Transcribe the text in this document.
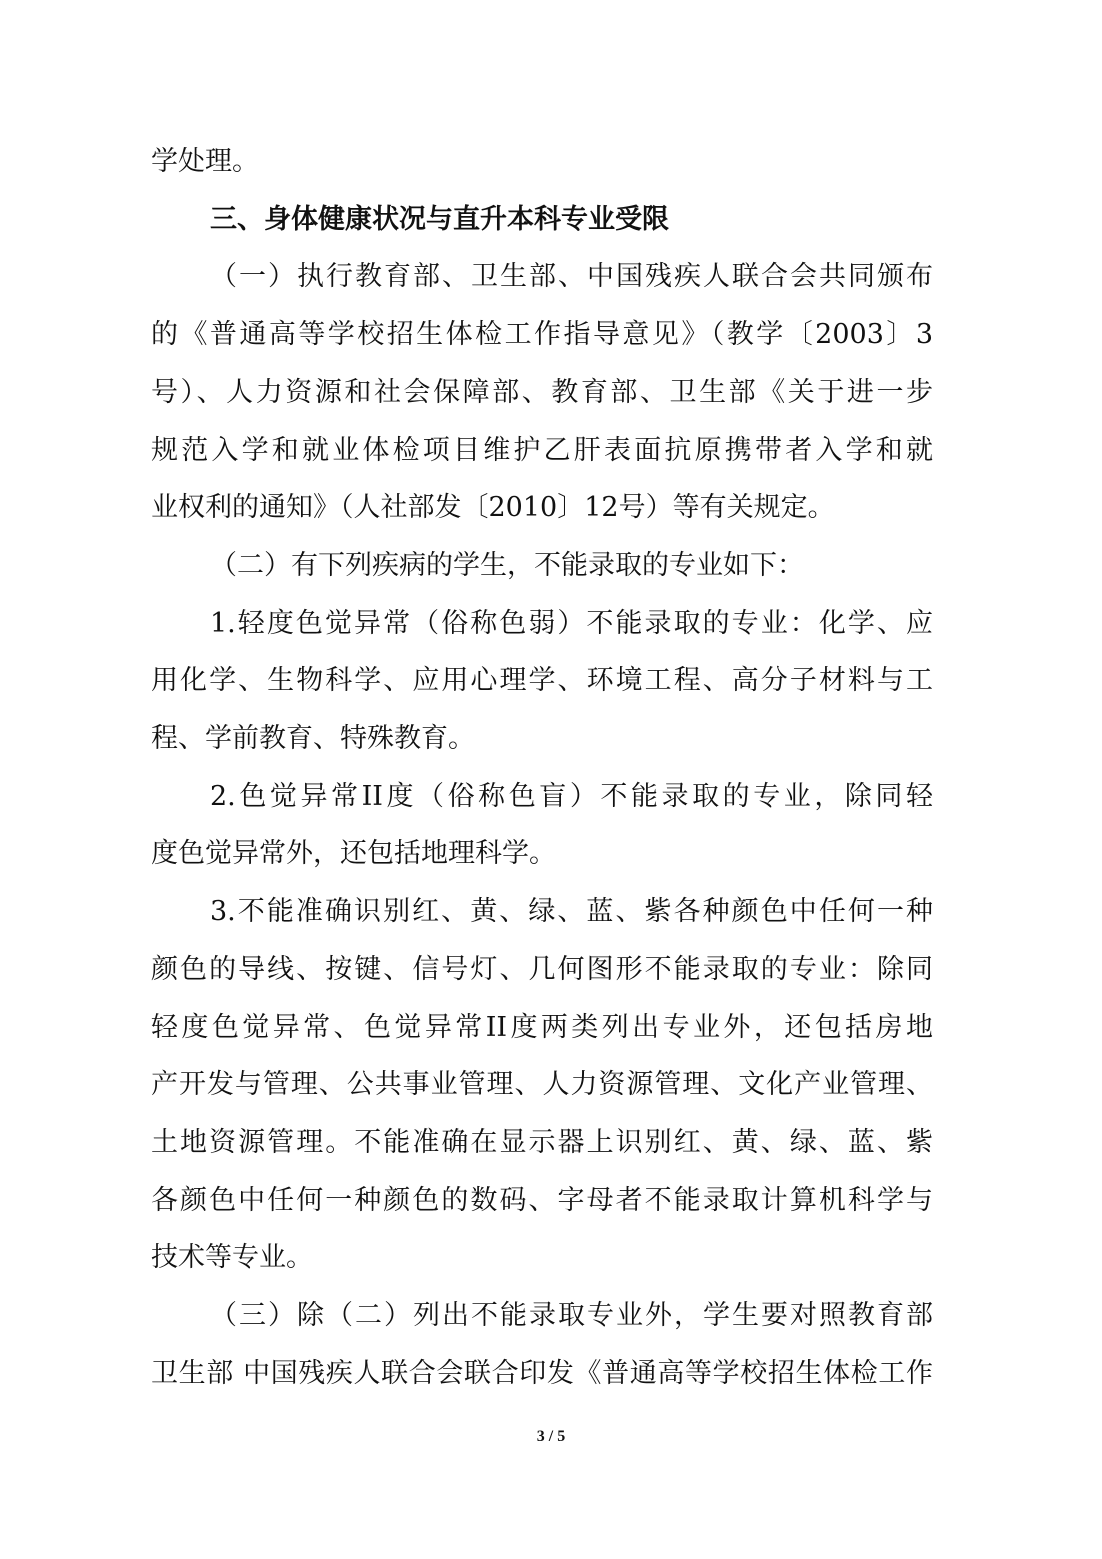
学处理。
三、身体健康状况与直升本科专业受限
（一）执行教育部、卫生部、中国残疾人联合会共同颁布
的《普通高等学校招生体检工作指导意见》（教学〔2003〕3
号）、人力资源和社会保障部、教育部、卫生部《关于进一步
规范入学和就业体检项目维护乙肝表面抗原携带者入学和就
业权利的通知》（人社部发〔2010〕12号）等有关规定。
（二）有下列疾病的学生，不能录取的专业如下：
1.轻度色觉异常（俗称色弱）不能录取的专业：化学、应
用化学、生物科学、应用心理学、环境工程、高分子材料与工
程、学前教育、特殊教育。
2.色觉异常II度（俗称色盲）不能录取的专业，除同轻
度色觉异常外，还包括地理科学。
3.不能准确识别红、黄、绿、蓝、紫各种颜色中任何一种
颜色的导线、按键、信号灯、几何图形不能录取的专业：除同
轻度色觉异常、色觉异常II度两类列出专业外，还包括房地
产开发与管理、公共事业管理、人力资源管理、文化产业管理、
土地资源管理。不能准确在显示器上识别红、黄、绿、蓝、紫
各颜色中任何一种颜色的数码、字母者不能录取计算机科学与
技术等专业。
（三）除（二）列出不能录取专业外，学生要对照教育部
卫生部 中国残疾人联合会联合印发《普通高等学校招生体检工作
3 / 5
